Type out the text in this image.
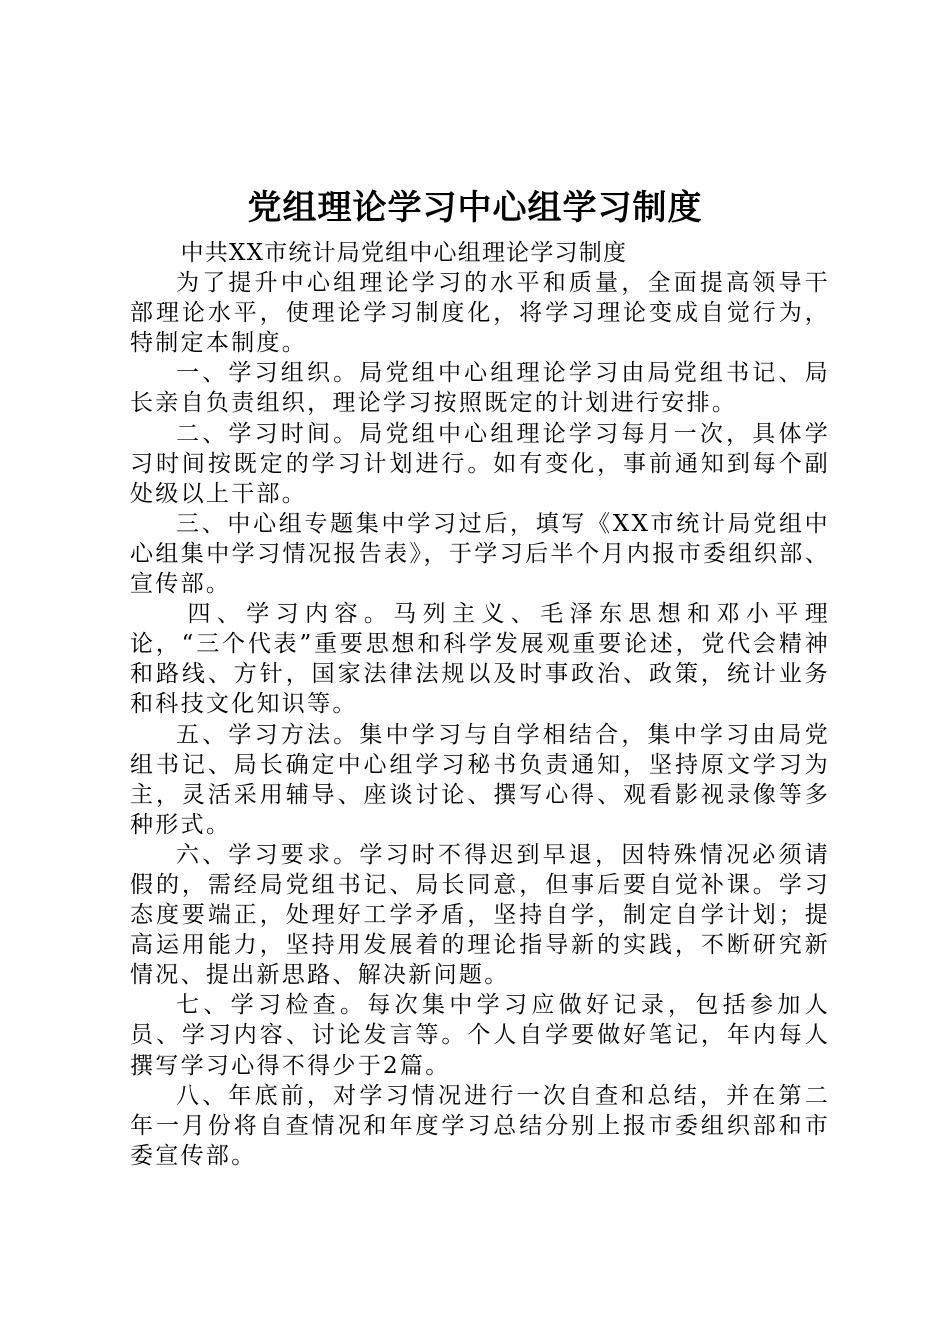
党组理论学习中心组学习制度

中共XX市统计局党组中心组理论学习制度

为了提升中心组理论学习的水平和质量，全面提高领导干部理论水平，使理论学习制度化，将学习理论变成自觉行为，特制定本制度。

一、学习组织。局党组中心组理论学习由局党组书记、局长亲自负责组织，理论学习按照既定的计划进行安排。

二、学习时间。局党组中心组理论学习每月一次，具体学习时间按既定的学习计划进行。如有变化，事前通知到每个副处级以上干部。

三、中心组专题集中学习过后，填写《XX市统计局党组中心组集中学习情况报告表》，于学习后半个月内报市委组织部、宣传部。

四、学习内容。马列主义、毛泽东思想和邓小平理论，“三个代表”重要思想和科学发展观重要论述，党代会精神和路线、方针，国家法律法规以及时事政治、政策，统计业务和科技文化知识等。

五、学习方法。集中学习与自学相结合，集中学习由局党组书记、局长确定中心组学习秘书负责通知，坚持原文学习为主，灵活采用辅导、座谈讨论、撰写心得、观看影视录像等多种形式。

六、学习要求。学习时不得迟到早退，因特殊情况必须请假的，需经局党组书记、局长同意，但事后要自觉补课。学习态度要端正，处理好工学矛盾，坚持自学，制定自学计划；提高运用能力，坚持用发展着的理论指导新的实践，不断研究新情况、提出新思路、解决新问题。

七、学习检查。每次集中学习应做好记录，包括参加人员、学习内容、讨论发言等。个人自学要做好笔记，年内每人撰写学习心得不得少于2篇。

八、年底前，对学习情况进行一次自查和总结，并在第二年一月份将自查情况和年度学习总结分别上报市委组织部和市委宣传部。
